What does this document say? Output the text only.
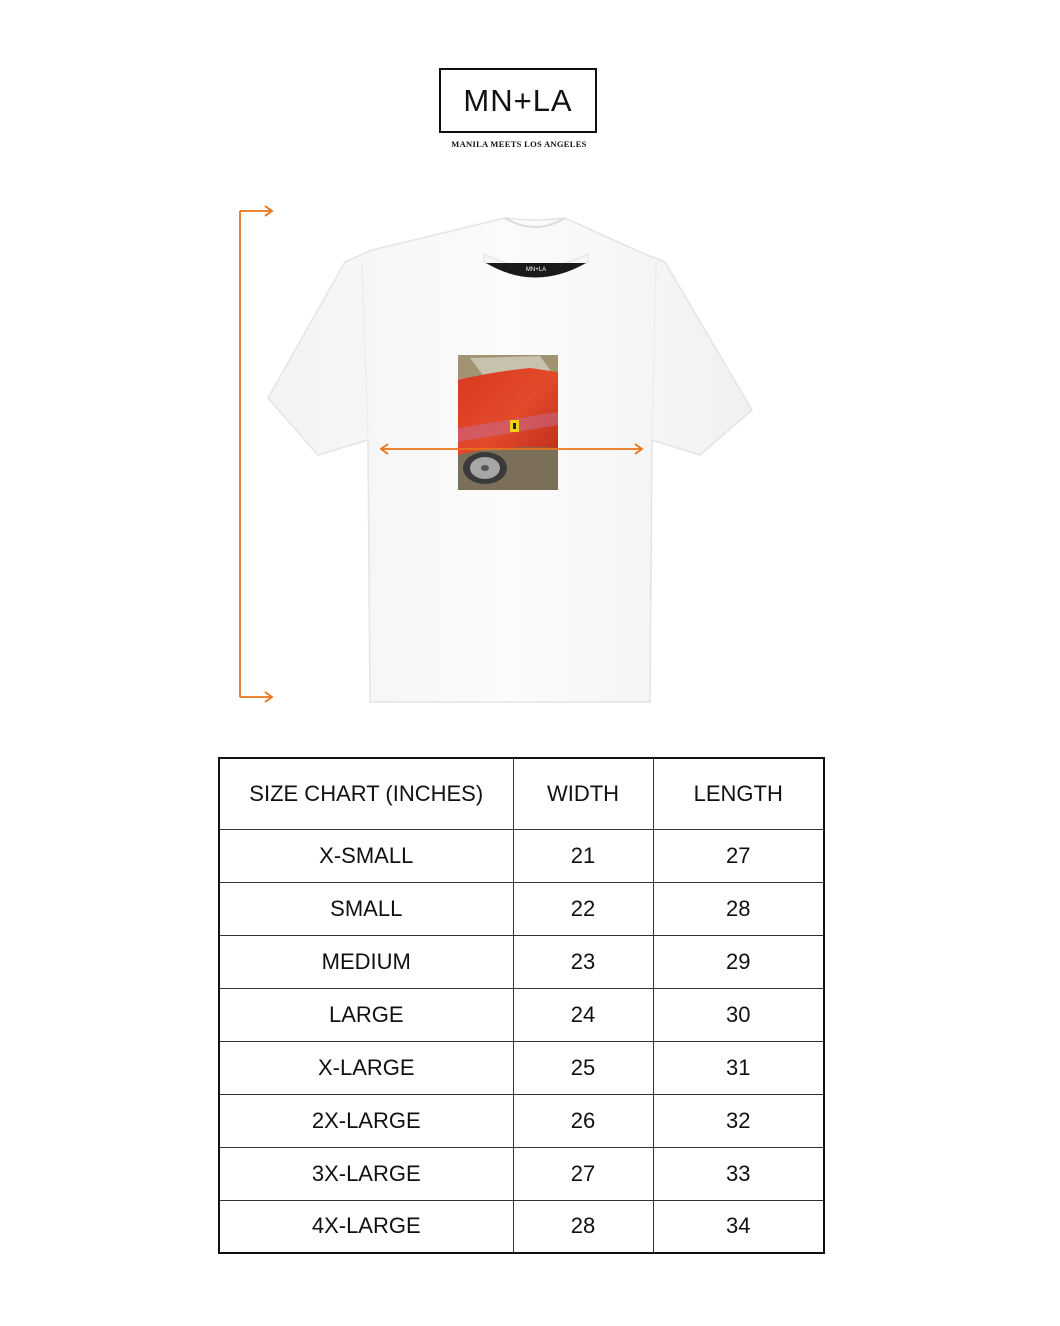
MN+LA
MANILA MEETS LOS ANGELES
MN+LA
SIZE CHART (INCHES)	WIDTH	LENGTH
X-SMALL	21	27
SMALL	22	28
MEDIUM	23	29
LARGE	24	30
X-LARGE	25	31
2X-LARGE	26	32
3X-LARGE	27	33
4X-LARGE	28	34
